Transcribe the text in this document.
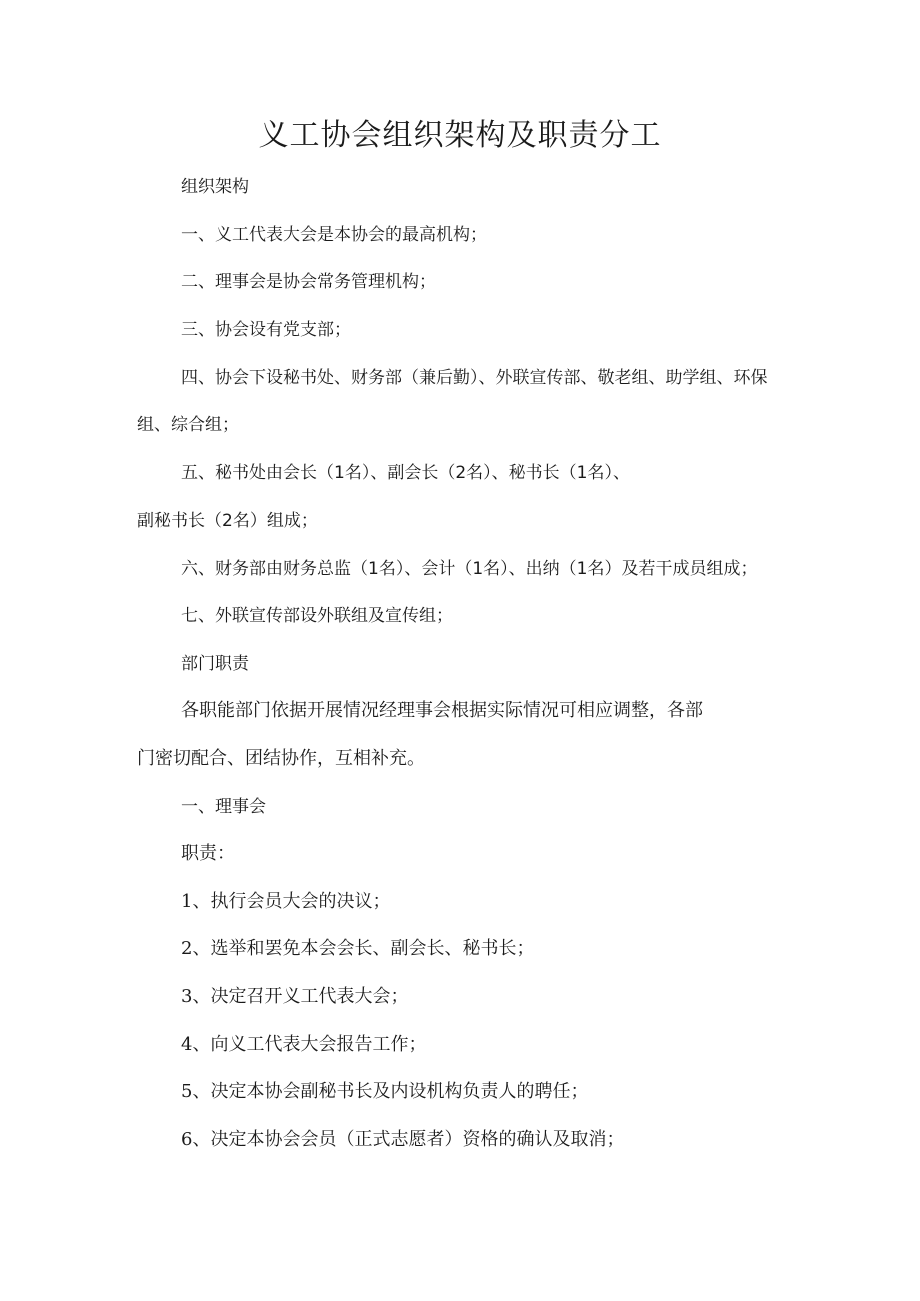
义工协会组织架构及职责分工

组织架构

一、义工代表大会是本协会的最高机构；

二、理事会是协会常务管理机构；

三、协会设有党支部；

四、协会下设秘书处、财务部（兼后勤）、外联宣传部、敬老组、助学组、环保

组、综合组；

五、秘书处由会长（1名）、副会长（2名）、秘书长（1名）、

副秘书长（2名）组成；

六、财务部由财务总监（1名）、会计（1名）、出纳（1名）及若干成员组成；

七、外联宣传部设外联组及宣传组；

部门职责

各职能部门依据开展情况经理事会根据实际情况可相应调整，各部

门密切配合、团结协作，互相补充。

一、理事会

职责：

1、执行会员大会的决议；

2、选举和罢免本会会长、副会长、秘书长；

3、决定召开义工代表大会；

4、向义工代表大会报告工作；

5、决定本协会副秘书长及内设机构负责人的聘任；

6、决定本协会会员（正式志愿者）资格的确认及取消；
